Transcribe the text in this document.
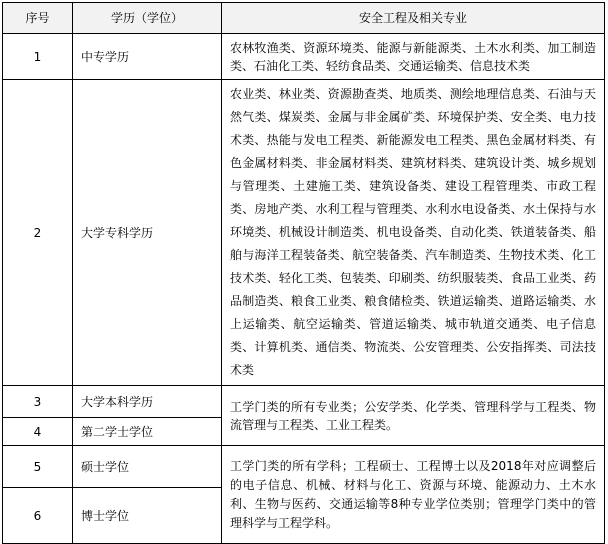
序号	学历（学位）	安全工程及相关专业
1	中专学历	农林牧渔类、资源环境类、能源与新能源类、土木水利类、加工制造类、石油化工类、轻纺食品类、交通运输类、信息技术类
2	大学专科学历	农业类、林业类、资源勘查类、地质类、测绘地理信息类、石油与天然气类、煤炭类、金属与非金属矿类、环境保护类、安全类、电力技术类、热能与发电工程类、新能源发电工程类、黑色金属材料类、有色金属材料类、非金属材料类、建筑材料类、建筑设计类、城乡规划与管理类、土建施工类、建筑设备类、建设工程管理类、市政工程类、房地产类、水利工程与管理类、水利水电设备类、水土保持与水环境类、机械设计制造类、机电设备类、自动化类、铁道装备类、船舶与海洋工程装备类、航空装备类、汽车制造类、生物技术类、化工技术类、轻化工类、包装类、印刷类、纺织服装类、食品工业类、药品制造类、粮食工业类、粮食储检类、铁道运输类、道路运输类、水上运输类、航空运输类、管道运输类、城市轨道交通类、电子信息类、计算机类、通信类、物流类、公安管理类、公安指挥类、司法技术类
3	大学本科学历	工学门类的所有专业类；公安学类、化学类、管理科学与工程类、物流管理与工程类、工业工程类。
4	第二学士学位	
5	硕士学位	工学门类的所有学科；工程硕士、工程博士以及2018年对应调整后的电子信息、机械、材料与化工、资源与环境、能源动力、土木水利、生物与医药、交通运输等8种专业学位类别；管理学门类中的管理科学与工程学科。
6	博士学位	
